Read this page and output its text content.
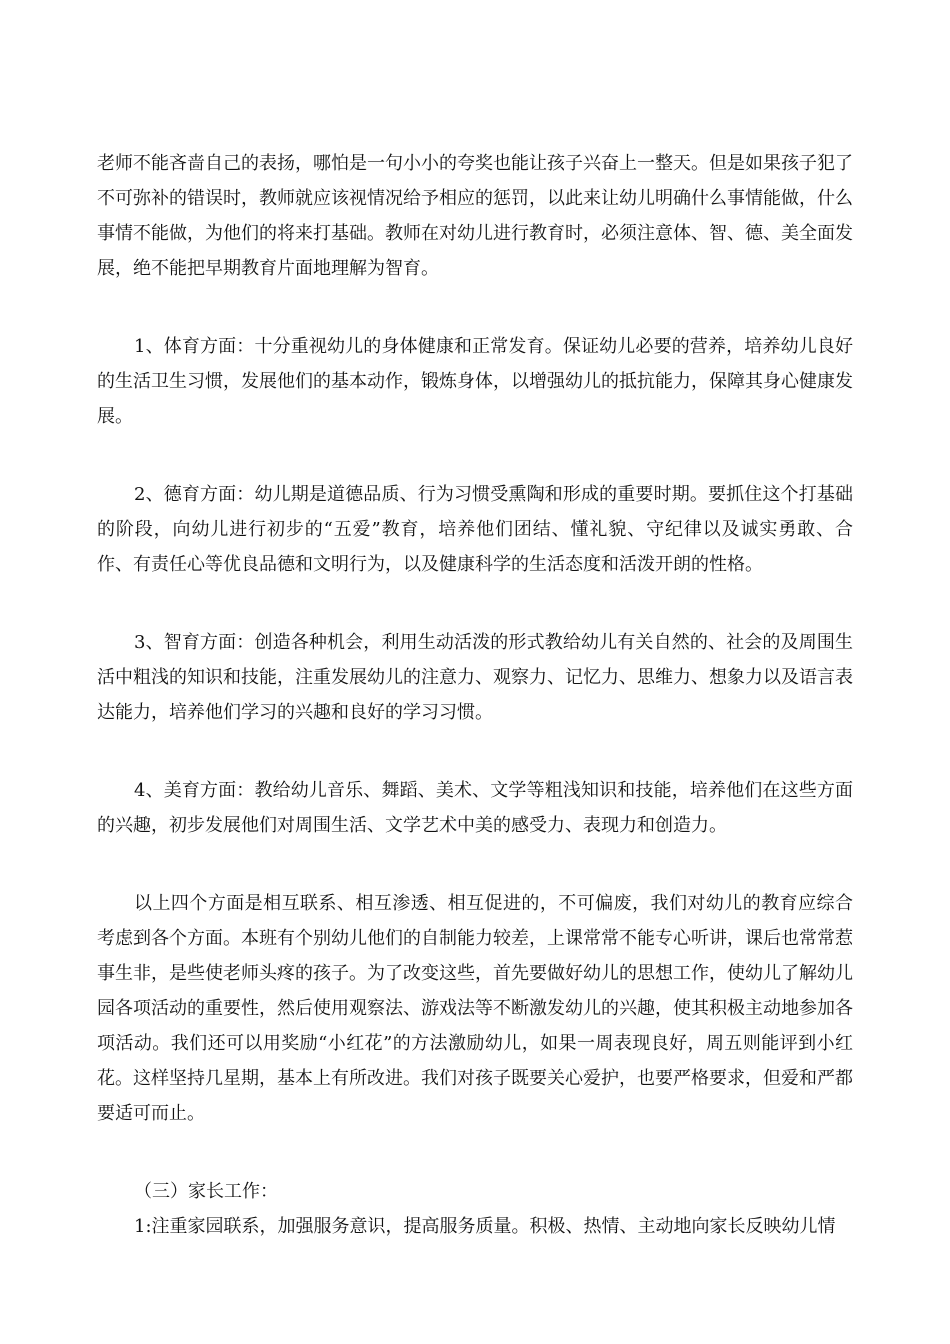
老师不能吝啬自己的表扬，哪怕是一句小小的夸奖也能让孩子兴奋上一整天。但是如果孩子犯了不可弥补的错误时，教师就应该视情况给予相应的惩罚，以此来让幼儿明确什么事情能做，什么事情不能做，为他们的将来打基础。教师在对幼儿进行教育时，必须注意体、智、德、美全面发展，绝不能把早期教育片面地理解为智育。

1、体育方面：十分重视幼儿的身体健康和正常发育。保证幼儿必要的营养，培养幼儿良好的生活卫生习惯，发展他们的基本动作，锻炼身体，以增强幼儿的抵抗能力，保障其身心健康发展。

2、德育方面：幼儿期是道德品质、行为习惯受熏陶和形成的重要时期。要抓住这个打基础的阶段，向幼儿进行初步的“五爱”教育，培养他们团结、懂礼貌、守纪律以及诚实勇敢、合作、有责任心等优良品德和文明行为，以及健康科学的生活态度和活泼开朗的性格。

3、智育方面：创造各种机会，利用生动活泼的形式教给幼儿有关自然的、社会的及周围生活中粗浅的知识和技能，注重发展幼儿的注意力、观察力、记忆力、思维力、想象力以及语言表达能力，培养他们学习的兴趣和良好的学习习惯。

4、美育方面：教给幼儿音乐、舞蹈、美术、文学等粗浅知识和技能，培养他们在这些方面的兴趣，初步发展他们对周围生活、文学艺术中美的感受力、表现力和创造力。

以上四个方面是相互联系、相互渗透、相互促进的，不可偏废，我们对幼儿的教育应综合考虑到各个方面。本班有个别幼儿他们的自制能力较差，上课常常不能专心听讲，课后也常常惹事生非，是些使老师头疼的孩子。为了改变这些，首先要做好幼儿的思想工作，使幼儿了解幼儿园各项活动的重要性，然后使用观察法、游戏法等不断激发幼儿的兴趣，使其积极主动地参加各项活动。我们还可以用奖励“小红花”的方法激励幼儿，如果一周表现良好，周五则能评到小红花。这样坚持几星期，基本上有所改进。我们对孩子既要关心爱护，也要严格要求，但爱和严都要适可而止。

（三）家长工作：

1:注重家园联系，加强服务意识，提高服务质量。积极、热情、主动地向家长反映幼儿情
